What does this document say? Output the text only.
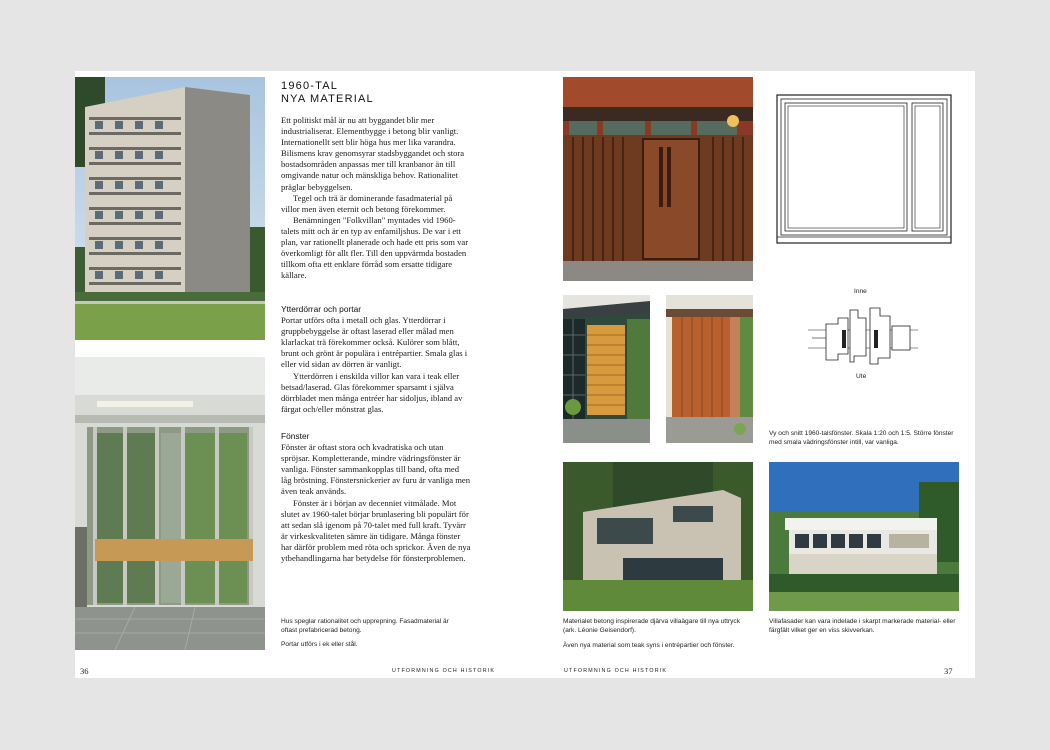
1960-TAL
NYA MATERIAL

Ett politiskt mål är nu att byggandet blir mer industrialiserat. Elementbygge i betong blir vanligt. Internationellt sett blir höga hus mer lika varandra. Bilismens krav genomsyrar stadsbyggandet och stora bostadsområden anpassas mer till kranbanor än till omgivande natur och mänskliga behov. Rationalitet präglar bebyggelsen.

Tegel och trä är dominerande fasadmaterial på villor men även eternit och betong förekommer.

Benämningen "Folkvillan" myntades vid 1960-talets mitt och är en typ av enfamiljshus. De var i ett plan, var rationellt planerade och hade ett pris som var överkomligt för allt fler. Till den uppvärmda bostaden tillkom ofta ett enklare förråd som ersatte tidigare källare.

Ytterdörrar och portar

Portar utförs ofta i metall och glas. Ytterdörrar i gruppbebyggelse är oftast laserad eller målad men klarlackat trä förekommer också. Kulörer som blått, brunt och grönt är populära i entrépartier. Smala glas i eller vid sidan av dörren är vanligt.

Ytterdörren i enskilda villor kan vara i teak eller betsad/laserad. Glas förekommer sparsamt i själva dörrbladet men många entréer har sidoljus, ibland av färgat och/eller mönstrat glas.

Fönster

Fönster är oftast stora och kvadratiska och utan spröjsar. Kompletterande, mindre vädringsfönster är vanliga. Fönster sammankopplas till band, ofta med låg bröstning. Fönstersnickerier av furu är vanliga men även teak används.

Fönster är i början av decenniet vitmålade. Mot slutet av 1960-talet börjar brunlasering bli populärt för att sedan slå igenom på 70-talet med full kraft. Tyvärr är virkeskvaliteten sämre än tidigare. Många fönster har därför problem med röta och sprickor. Även de nya ytbehandlingarna har betydelse för fönsterproblemen.

Hus speglar rationalitet och upprepning. Fasadmaterial är oftast prefabricerad betong.
Portar utförs i ek eller stål.
36	UTFORMNING OCH HISTORIK
Inne
Ute
Vy och snitt 1960-talsfönster. Skala 1:20 och 1:5. Större fönster med smala vädringsfönster intill, var vanliga.
Materialet betong inspirerade djärva villaägare till nya uttryck (ark. Léonie Geisendorf).
Även nya material som teak syns i entrépartier och fönster.
Villafasader kan vara indelade i skarpt markerade material- eller färgfält vilket ger en viss skivverkan.
UTFORMNING OCH HISTORIK	37
